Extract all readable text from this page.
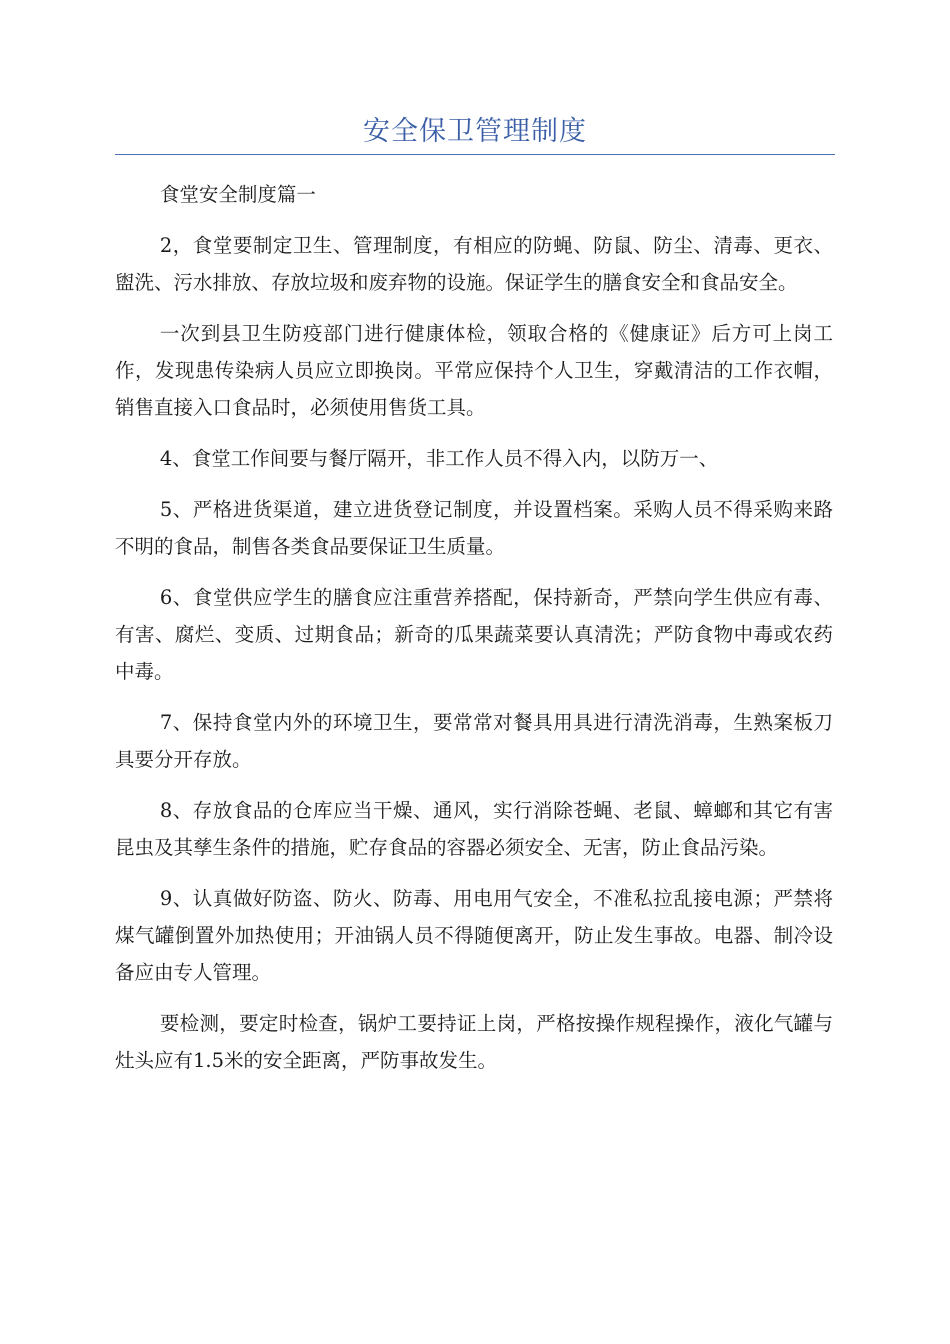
安全保卫管理制度

食堂安全制度篇一

2，食堂要制定卫生、管理制度，有相应的防蝇、防鼠、防尘、清毒、更衣、盥洗、污水排放、存放垃圾和废弃物的设施。保证学生的膳食安全和食品安全。

一次到县卫生防疫部门进行健康体检，领取合格的《健康证》后方可上岗工作，发现患传染病人员应立即换岗。平常应保持个人卫生，穿戴清洁的工作衣帽，销售直接入口食品时，必须使用售货工具。

4、食堂工作间要与餐厅隔开，非工作人员不得入内，以防万一、

5、严格进货渠道，建立进货登记制度，并设置档案。采购人员不得采购来路不明的食品，制售各类食品要保证卫生质量。

6、食堂供应学生的膳食应注重营养搭配，保持新奇，严禁向学生供应有毒、有害、腐烂、变质、过期食品；新奇的瓜果蔬菜要认真清洗；严防食物中毒或农药中毒。

7、保持食堂内外的环境卫生，要常常对餐具用具进行清洗消毒，生熟案板刀具要分开存放。

8、存放食品的仓库应当干燥、通风，实行消除苍蝇、老鼠、蟑螂和其它有害昆虫及其孳生条件的措施，贮存食品的容器必须安全、无害，防止食品污染。

9、认真做好防盗、防火、防毒、用电用气安全，不准私拉乱接电源；严禁将煤气罐倒置外加热使用；开油锅人员不得随便离开，防止发生事故。电器、制冷设备应由专人管理。

要检测，要定时检查，锅炉工要持证上岗，严格按操作规程操作，液化气罐与灶头应有1.5米的安全距离，严防事故发生。
